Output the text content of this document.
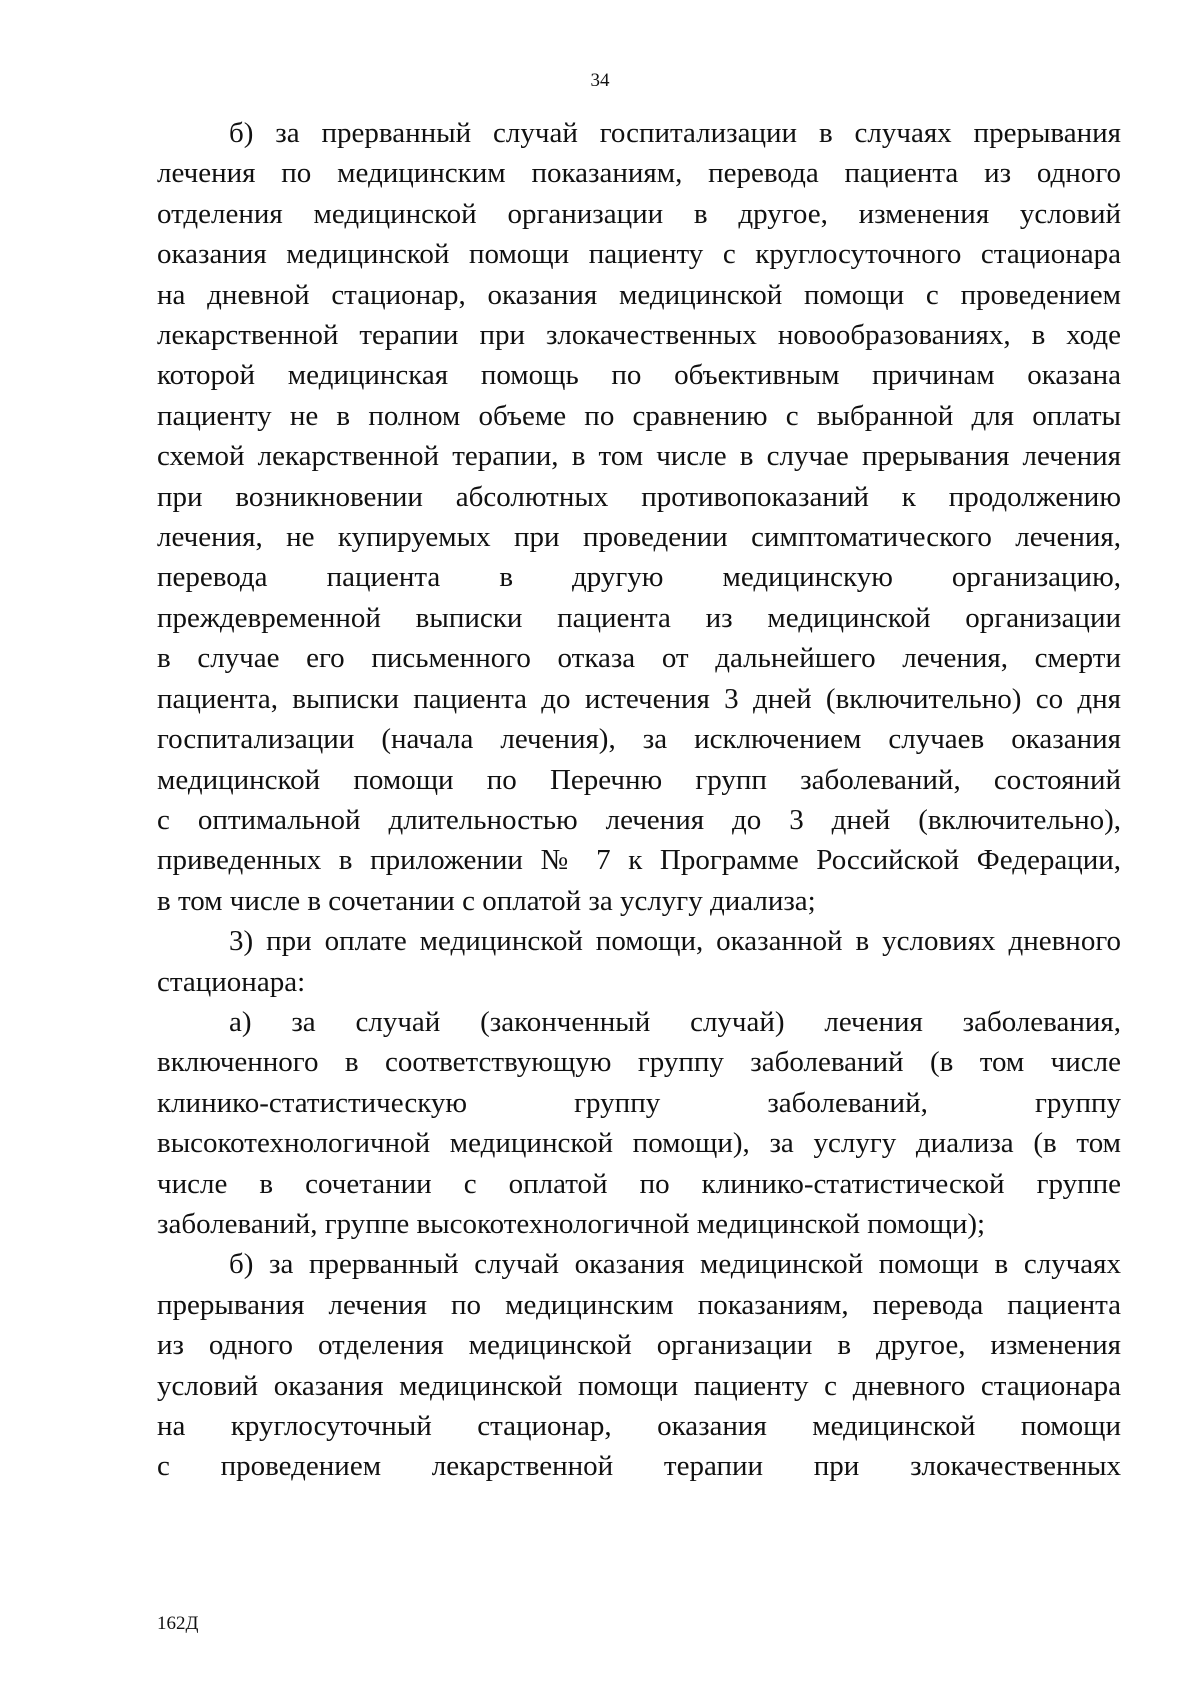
34
б) за прерванный случай госпитализации в случаях прерывания
лечения по медицинским показаниям, перевода пациента из одного
отделения медицинской организации в другое, изменения условий
оказания медицинской помощи пациенту с круглосуточного стационара
на дневной стационар, оказания медицинской помощи с проведением
лекарственной терапии при злокачественных новообразованиях, в ходе
которой медицинская помощь по объективным причинам оказана
пациенту не в полном объеме по сравнению с выбранной для оплаты
схемой лекарственной терапии, в том числе в случае прерывания лечения
при возникновении абсолютных противопоказаний к продолжению
лечения, не купируемых при проведении симптоматического лечения,
перевода пациента в другую медицинскую организацию,
преждевременной выписки пациента из медицинской организации
в случае его письменного отказа от дальнейшего лечения, смерти
пациента, выписки пациента до истечения 3 дней (включительно) со дня
госпитализации (начала лечения), за исключением случаев оказания
медицинской помощи по Перечню групп заболеваний, состояний
с оптимальной длительностью лечения до 3 дней (включительно),
приведенных в приложении № 7 к Программе Российской Федерации,
в том числе в сочетании с оплатой за услугу диализа;
3) при оплате медицинской помощи, оказанной в условиях дневного
стационара:
а) за случай (законченный случай) лечения заболевания,
включенного в соответствующую группу заболеваний (в том числе
клинико-статистическую группу заболеваний, группу
высокотехнологичной медицинской помощи), за услугу диализа (в том
числе в сочетании с оплатой по клинико-статистической группе
заболеваний, группе высокотехнологичной медицинской помощи);
б) за прерванный случай оказания медицинской помощи в случаях
прерывания лечения по медицинским показаниям, перевода пациента
из одного отделения медицинской организации в другое, изменения
условий оказания медицинской помощи пациенту с дневного стационара
на круглосуточный стационар, оказания медицинской помощи
с проведением лекарственной терапии при злокачественных
162Д
